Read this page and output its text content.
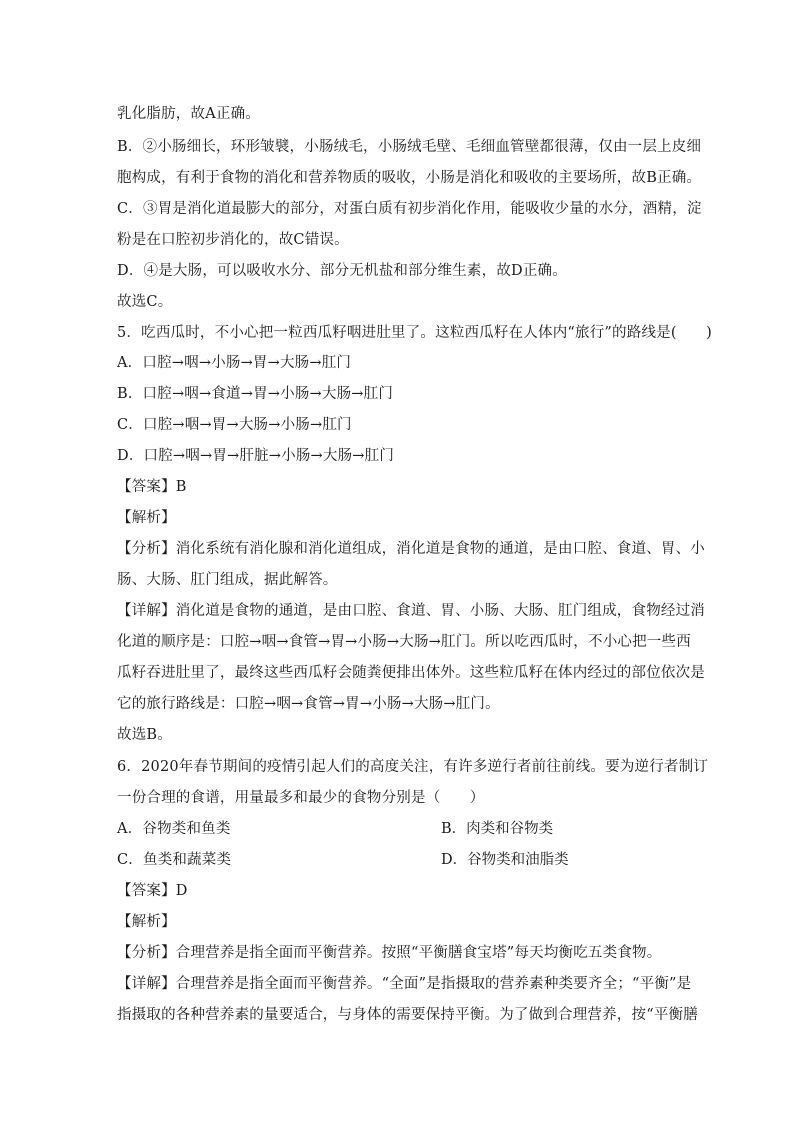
乳化脂肪，故A正确。
B．②小肠细长，环形皱襞，小肠绒毛，小肠绒毛壁、毛细血管壁都很薄，仅由一层上皮细
胞构成，有利于食物的消化和营养物质的吸收，小肠是消化和吸收的主要场所，故B正确。
C．③胃是消化道最膨大的部分，对蛋白质有初步消化作用，能吸收少量的水分，酒精，淀
粉是在口腔初步消化的，故C错误。
D．④是大肠，可以吸收水分、部分无机盐和部分维生素，故D正确。
故选C。
5．吃西瓜时，不小心把一粒西瓜籽咽进肚里了。这粒西瓜籽在人体内“旅行”的路线是(　　)
A．口腔→咽→小肠→胃→大肠→肛门
B．口腔→咽→食道→胃→小肠→大肠→肛门
C．口腔→咽→胃→大肠→小肠→肛门
D．口腔→咽→胃→肝脏→小肠→大肠→肛门
【答案】B
【解析】
【分析】消化系统有消化腺和消化道组成，消化道是食物的通道，是由口腔、食道、胃、小
肠、大肠、肛门组成，据此解答。
【详解】消化道是食物的通道，是由口腔、食道、胃、小肠、大肠、肛门组成，食物经过消
化道的顺序是：口腔→咽→食管→胃→小肠→大肠→肛门。所以吃西瓜时，不小心把一些西
瓜籽吞进肚里了，最终这些西瓜籽会随粪便排出体外。这些粒瓜籽在体内经过的部位依次是
它的旅行路线是：口腔→咽→食管→胃→小肠→大肠→肛门。
故选B。
6．2020年春节期间的疫情引起人们的高度关注，有许多逆行者前往前线。要为逆行者制订
一份合理的食谱，用量最多和最少的食物分别是（　　）
A．谷物类和鱼类	B．肉类和谷物类
C．鱼类和蔬菜类	D．谷物类和油脂类
【答案】D
【解析】
【分析】合理营养是指全面而平衡营养。按照“平衡膳食宝塔”每天均衡吃五类食物。
【详解】合理营养是指全面而平衡营养。“全面”是指摄取的营养素种类要齐全；“平衡”是
指摄取的各种营养素的量要适合，与身体的需要保持平衡。为了做到合理营养，按“平衡膳
